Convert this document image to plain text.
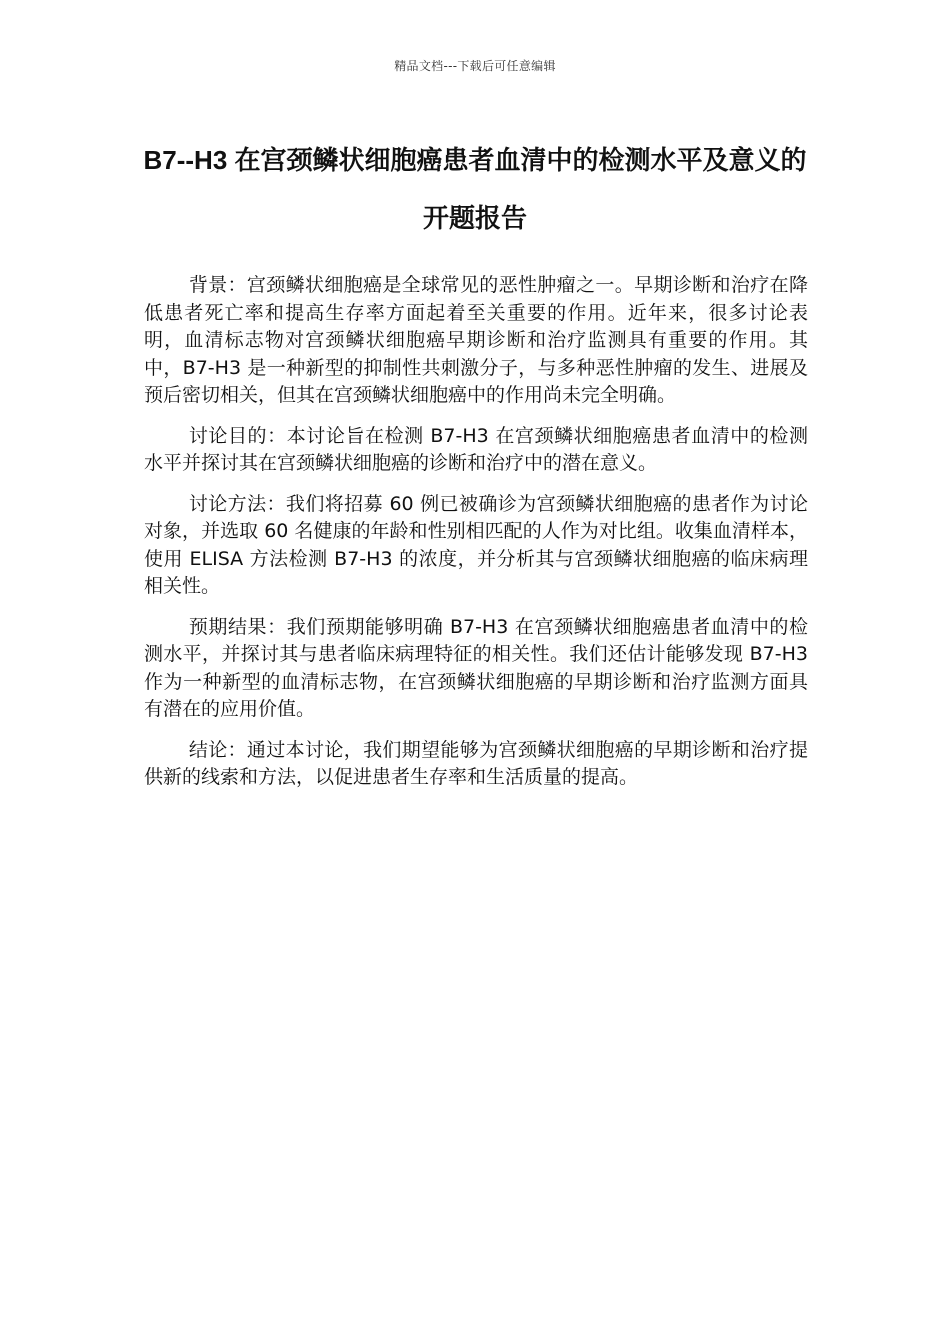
精品文档---下载后可任意编辑
B7--H3 在宫颈鳞状细胞癌患者血清中的检测水平及意义的开题报告

背景：宫颈鳞状细胞癌是全球常见的恶性肿瘤之一。早期诊断和治疗在降低患者死亡率和提高生存率方面起着至关重要的作用。近年来，很多讨论表明，血清标志物对宫颈鳞状细胞癌早期诊断和治疗监测具有重要的作用。其中，B7-H3 是一种新型的抑制性共刺激分子，与多种恶性肿瘤的发生、进展及预后密切相关，但其在宫颈鳞状细胞癌中的作用尚未完全明确。

讨论目的：本讨论旨在检测 B7-H3 在宫颈鳞状细胞癌患者血清中的检测水平并探讨其在宫颈鳞状细胞癌的诊断和治疗中的潜在意义。

讨论方法：我们将招募 60 例已被确诊为宫颈鳞状细胞癌的患者作为讨论对象，并选取 60 名健康的年龄和性别相匹配的人作为对比组。收集血清样本，使用 ELISA 方法检测 B7-H3 的浓度，并分析其与宫颈鳞状细胞癌的临床病理相关性。

预期结果：我们预期能够明确 B7-H3 在宫颈鳞状细胞癌患者血清中的检测水平，并探讨其与患者临床病理特征的相关性。我们还估计能够发现 B7-H3 作为一种新型的血清标志物，在宫颈鳞状细胞癌的早期诊断和治疗监测方面具有潜在的应用价值。

结论：通过本讨论，我们期望能够为宫颈鳞状细胞癌的早期诊断和治疗提供新的线索和方法，以促进患者生存率和生活质量的提高。
